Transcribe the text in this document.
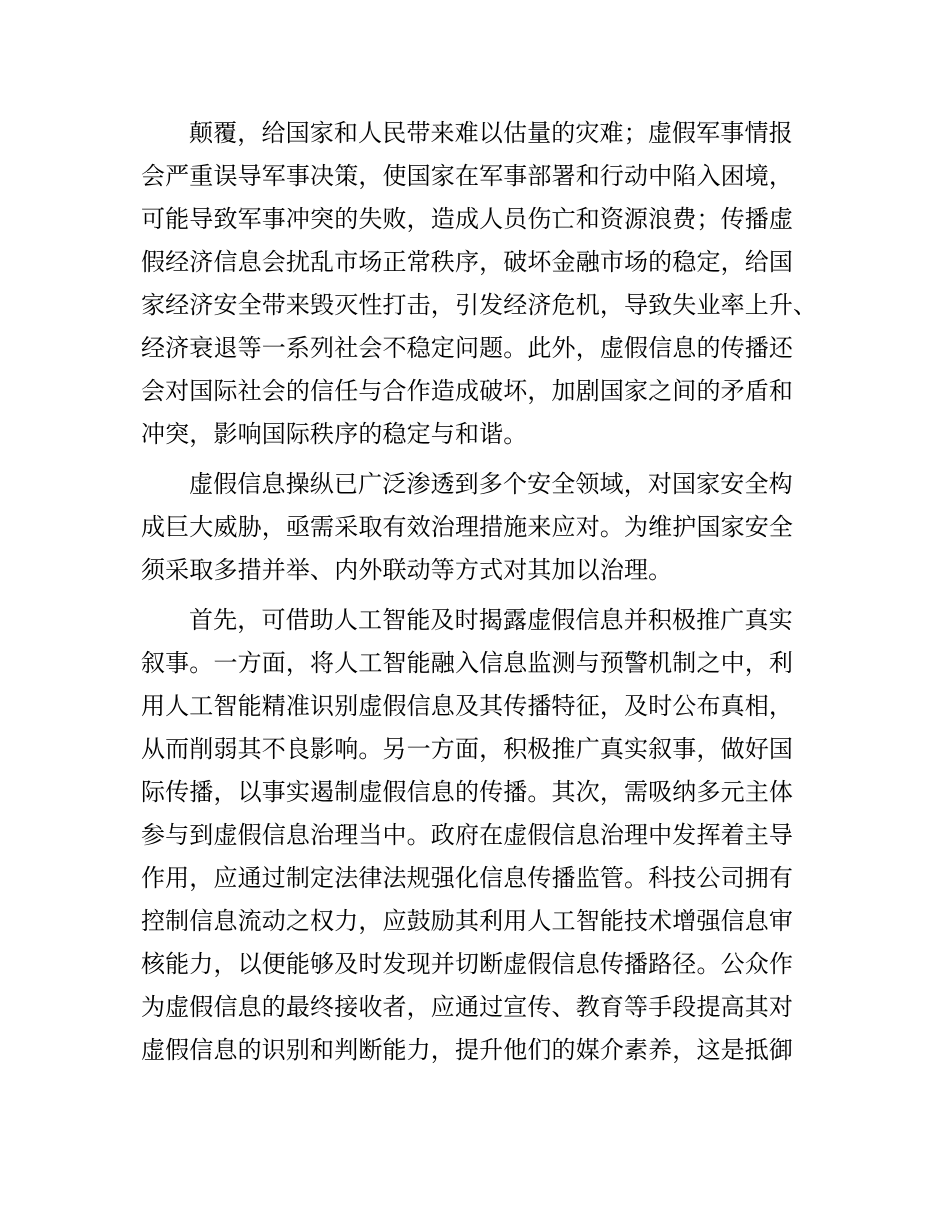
颠覆，给国家和人民带来难以估量的灾难；虚假军事情报
会严重误导军事决策，使国家在军事部署和行动中陷入困境，
可能导致军事冲突的失败，造成人员伤亡和资源浪费；传播虚
假经济信息会扰乱市场正常秩序，破坏金融市场的稳定，给国
家经济安全带来毁灭性打击，引发经济危机，导致失业率上升、
经济衰退等一系列社会不稳定问题。此外，虚假信息的传播还
会对国际社会的信任与合作造成破坏，加剧国家之间的矛盾和
冲突，影响国际秩序的稳定与和谐。
虚假信息操纵已广泛渗透到多个安全领域，对国家安全构
成巨大威胁，亟需采取有效治理措施来应对。为维护国家安全
须采取多措并举、内外联动等方式对其加以治理。
首先，可借助人工智能及时揭露虚假信息并积极推广真实
叙事。一方面，将人工智能融入信息监测与预警机制之中，利
用人工智能精准识别虚假信息及其传播特征，及时公布真相，
从而削弱其不良影响。另一方面，积极推广真实叙事，做好国
际传播，以事实遏制虚假信息的传播。其次，需吸纳多元主体
参与到虚假信息治理当中。政府在虚假信息治理中发挥着主导
作用，应通过制定法律法规强化信息传播监管。科技公司拥有
控制信息流动之权力，应鼓励其利用人工智能技术增强信息审
核能力，以便能够及时发现并切断虚假信息传播路径。公众作
为虚假信息的最终接收者，应通过宣传、教育等手段提高其对
虚假信息的识别和判断能力，提升他们的媒介素养，这是抵御
